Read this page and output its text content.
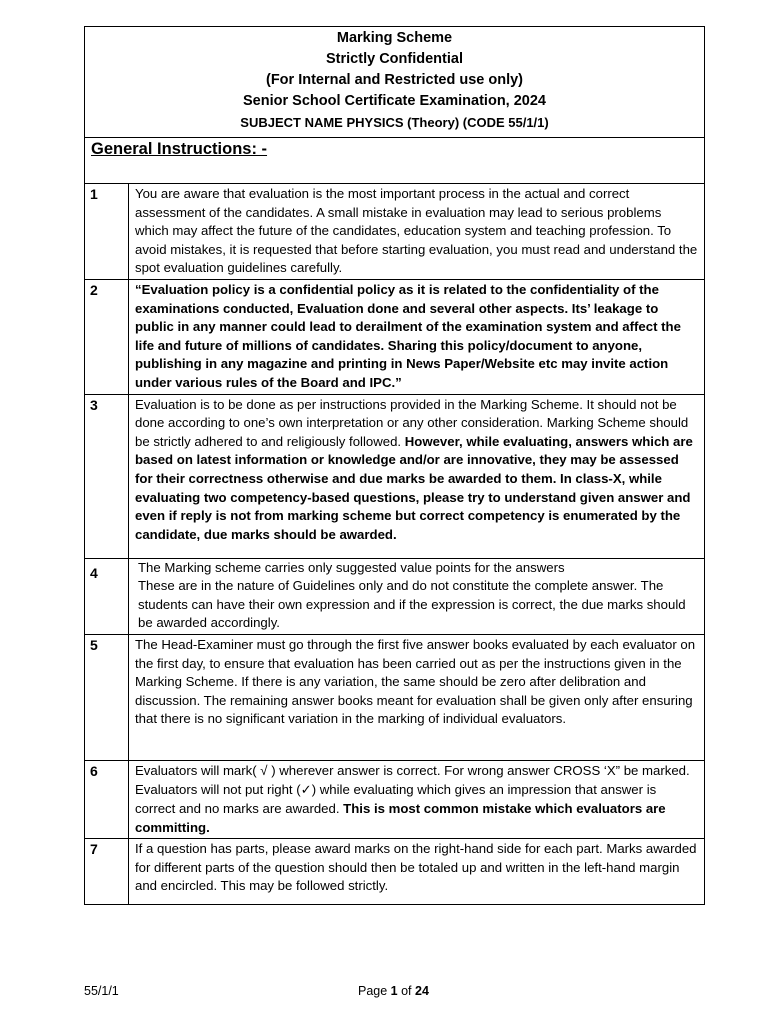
Marking Scheme
Strictly Confidential
(For Internal and Restricted use only)
Senior School Certificate Examination, 2024
SUBJECT NAME PHYSICS (Theory) (CODE 55/1/1)	

General Instructions: -	
1	You are aware that evaluation is the most important process in the actual and correct assessment of the candidates. A small mistake in evaluation may lead to serious problems which may affect the future of the candidates, education system and teaching profession. To avoid mistakes, it is requested that before starting evaluation, you must read and understand the spot evaluation guidelines carefully.
2	“Evaluation policy is a confidential policy as it is related to the confidentiality of the examinations conducted, Evaluation done and several other aspects. Its’ leakage to public in any manner could lead to derailment of the examination system and affect the life and future of millions of candidates. Sharing this policy/document to anyone, publishing in any magazine and printing in News Paper/Website etc may invite action under various rules of the Board and IPC.”
3	Evaluation is to be done as per instructions provided in the Marking Scheme. It should not be done according to one’s own interpretation or any other consideration. Marking Scheme should be strictly adhered to and religiously followed. However, while evaluating, answers which are based on latest information or knowledge and/or are innovative, they may be assessed for their correctness otherwise and due marks be awarded to them. In class-X, while evaluating two competency-based questions, please try to understand given answer and even if reply is not from marking scheme but correct competency is enumerated by the candidate, due marks should be awarded.
4	The Marking scheme carries only suggested value points for the answers
These are in the nature of Guidelines only and do not constitute the complete answer. The students can have their own expression and if the expression is correct, the due marks should be awarded accordingly.

5	The Head-Examiner must go through the first five answer books evaluated by each evaluator on the first day, to ensure that evaluation has been carried out as per the instructions given in the Marking Scheme. If there is any variation, the same should be zero after delibration and discussion. The remaining answer books meant for evaluation shall be given only after ensuring that there is no significant variation in the marking of individual evaluators.
6	Evaluators will mark( √ ) wherever answer is correct. For wrong answer CROSS ‘X” be marked. Evaluators will not put right (✓) while evaluating which gives an impression that answer is correct and no marks are awarded. This is most common mistake which evaluators are committing.
7	If a question has parts, please award marks on the right-hand side for each part. Marks awarded for different parts of the question should then be totaled up and written in the left-hand margin and encircled. This may be followed strictly.
55/1/1	Page 1 of 24
